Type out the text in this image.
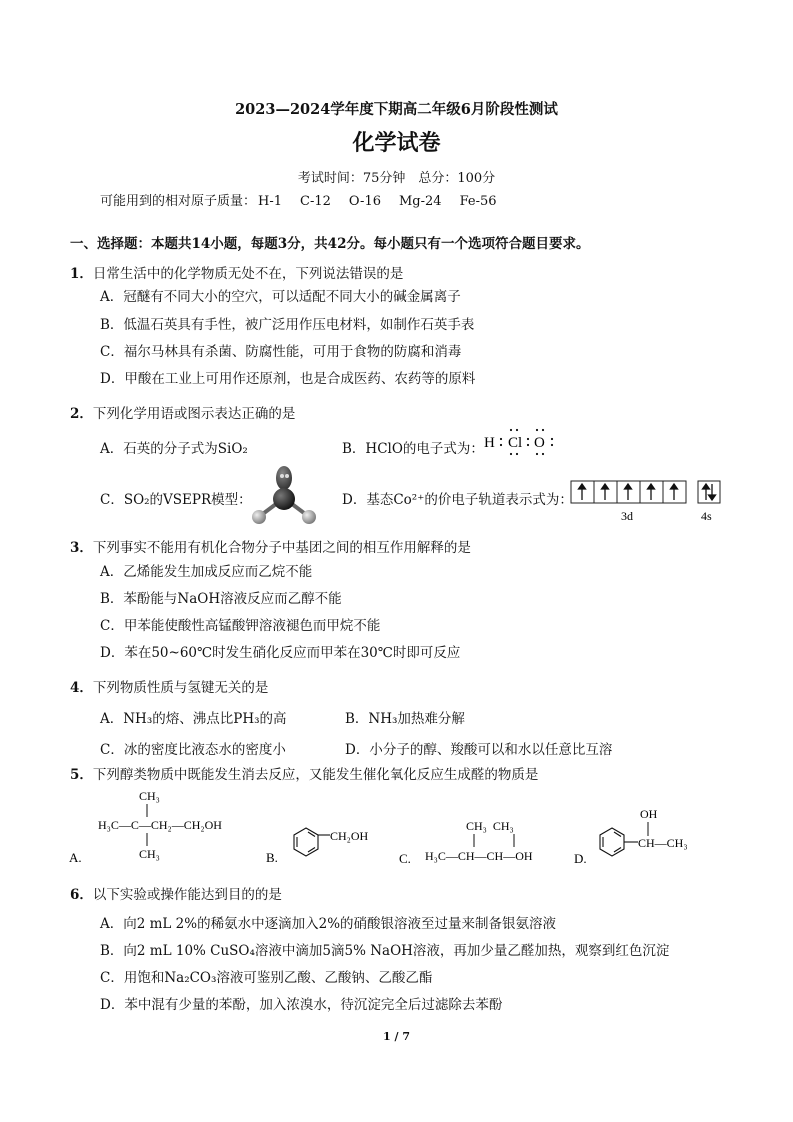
2023—2024学年度下期高二年级6月阶段性测试
化学试卷
考试时间：75分钟　总分：100分
可能用到的相对原子质量： H-1 C-12 O-16 Mg-24 Fe-56
一、选择题：本题共14小题，每题3分，共42分。每小题只有一个选项符合题目要求。
1．日常生活中的化学物质无处不在，下列说法错误的是
A．冠醚有不同大小的空穴，可以适配不同大小的碱金属离子
B．低温石英具有手性，被广泛用作压电材料，如制作石英手表
C．福尔马林具有杀菌、防腐性能，可用于食物的防腐和消毒
D．甲酸在工业上可用作还原剂，也是合成医药、农药等的原料
2．下列化学用语或图示表达正确的是
A．石英的分子式为SiO₂	B．HClO的电子式为： H Cl O
C．SO₂的VSEPR模型：	D．基态Co²⁺的价电子轨道表示式为：
3d	4s
3．下列事实不能用有机化合物分子中基团之间的相互作用解释的是
A．乙烯能发生加成反应而乙烷不能
B．苯酚能与NaOH溶液反应而乙醇不能
C．甲苯能使酸性高锰酸钾溶液褪色而甲烷不能
D．苯在50~60℃时发生硝化反应而甲苯在30℃时即可反应
4．下列物质性质与氢键无关的是
A．NH₃的熔、沸点比PH₃的高	B．NH₃加热难分解
C．冰的密度比液态水的密度小	D．小分子的醇、羧酸可以和水以任意比互溶
5．下列醇类物质中既能发生消去反应，又能发生催化氧化反应生成醛的物质是
A.
CH₃
H₃C—C—CH₂—CH₂OH
CH₃	B.
CH₂OH
C.
CH₃  CH₃
H₃C—CH—CH—OH	D.
OH
CH—CH₃
6．以下实验或操作能达到目的的是
A．向2 mL 2%的稀氨水中逐滴加入2%的硝酸银溶液至过量来制备银氨溶液
B．向2 mL 10% CuSO₄溶液中滴加5滴5% NaOH溶液，再加少量乙醛加热，观察到红色沉淀
C．用饱和Na₂CO₃溶液可鉴别乙酸、乙酸钠、乙酸乙酯
D．苯中混有少量的苯酚，加入浓溴水，待沉淀完全后过滤除去苯酚
1 / 7
